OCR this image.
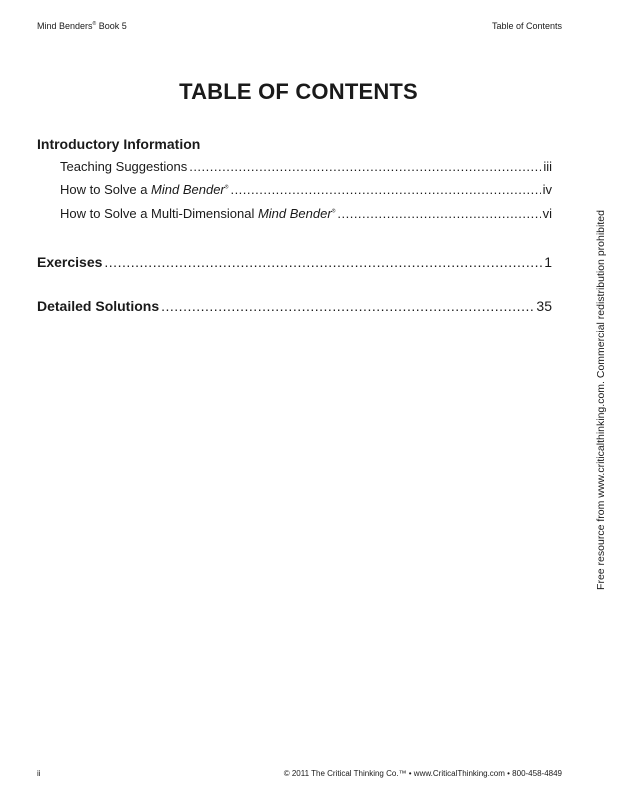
Mind Benders® Book 5	Table of Contents
TABLE OF CONTENTS
Introductory Information
Teaching Suggestions .....	iii
How to Solve a Mind Bender® .....	iv
How to Solve a Multi-Dimensional Mind Bender® .....	vi
Exercises .....	1
Detailed Solutions .....	35	Free resource from www.criticalthinking.com. Commercial redistribution prohibited
ii	© 2011 The Critical Thinking Co.™ • www.CriticalThinking.com • 800-458-4849
